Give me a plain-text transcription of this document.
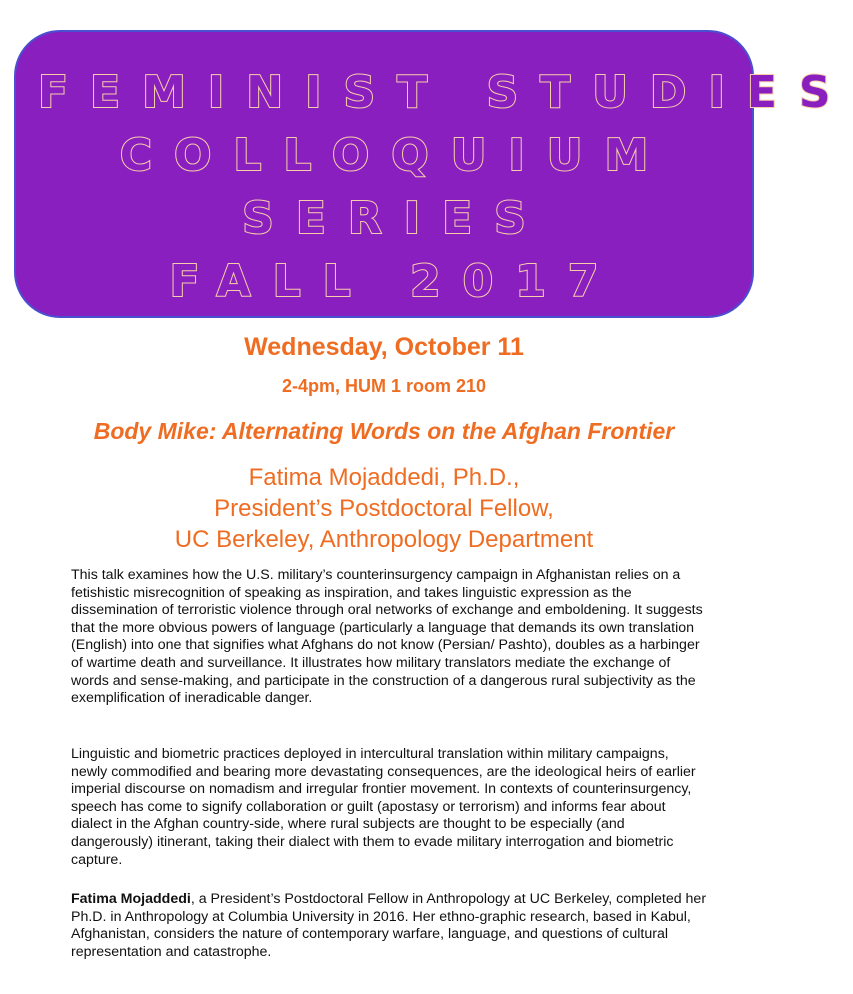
FEMINIST STUDIES
COLLOQUIUM
SERIES
FALL 2017
Wednesday, October 11
2-4pm, HUM 1 room 210
Body Mike: Alternating Words on the Afghan Frontier
Fatima Mojaddedi, Ph.D.,
President’s Postdoctoral Fellow,
UC Berkeley, Anthropology Department

This talk examines how the U.S. military’s counterinsurgency campaign in Afghanistan relies on a fetishistic misrecognition of speaking as inspiration, and takes linguistic expression as the dissemination of terroristic violence through oral networks of exchange and emboldening. It suggests that the more obvious powers of language (particularly a language that demands its own translation (English) into one that signifies what Afghans do not know (Persian/ Pashto), doubles as a harbinger of wartime death and surveillance. It illustrates how military translators mediate the exchange of words and sense-making, and participate in the construction of a dangerous rural subjectivity as the exemplification of ineradicable danger.

Linguistic and biometric practices deployed in intercultural translation within military campaigns, newly commodified and bearing more devastating consequences, are the ideological heirs of earlier imperial discourse on nomadism and irregular frontier movement. In contexts of counterinsurgency, speech has come to signify collaboration or guilt (apostasy or terrorism) and informs fear about dialect in the Afghan country-side, where rural subjects are thought to be especially (and dangerously) itinerant, taking their dialect with them to evade military interrogation and biometric capture.

Fatima Mojaddedi, a President’s Postdoctoral Fellow in Anthropology at UC Berkeley, completed her Ph.D. in Anthropology at Columbia University in 2016. Her ethno-graphic research, based in Kabul, Afghanistan, considers the nature of contemporary warfare, language, and questions of cultural representation and catastrophe.
